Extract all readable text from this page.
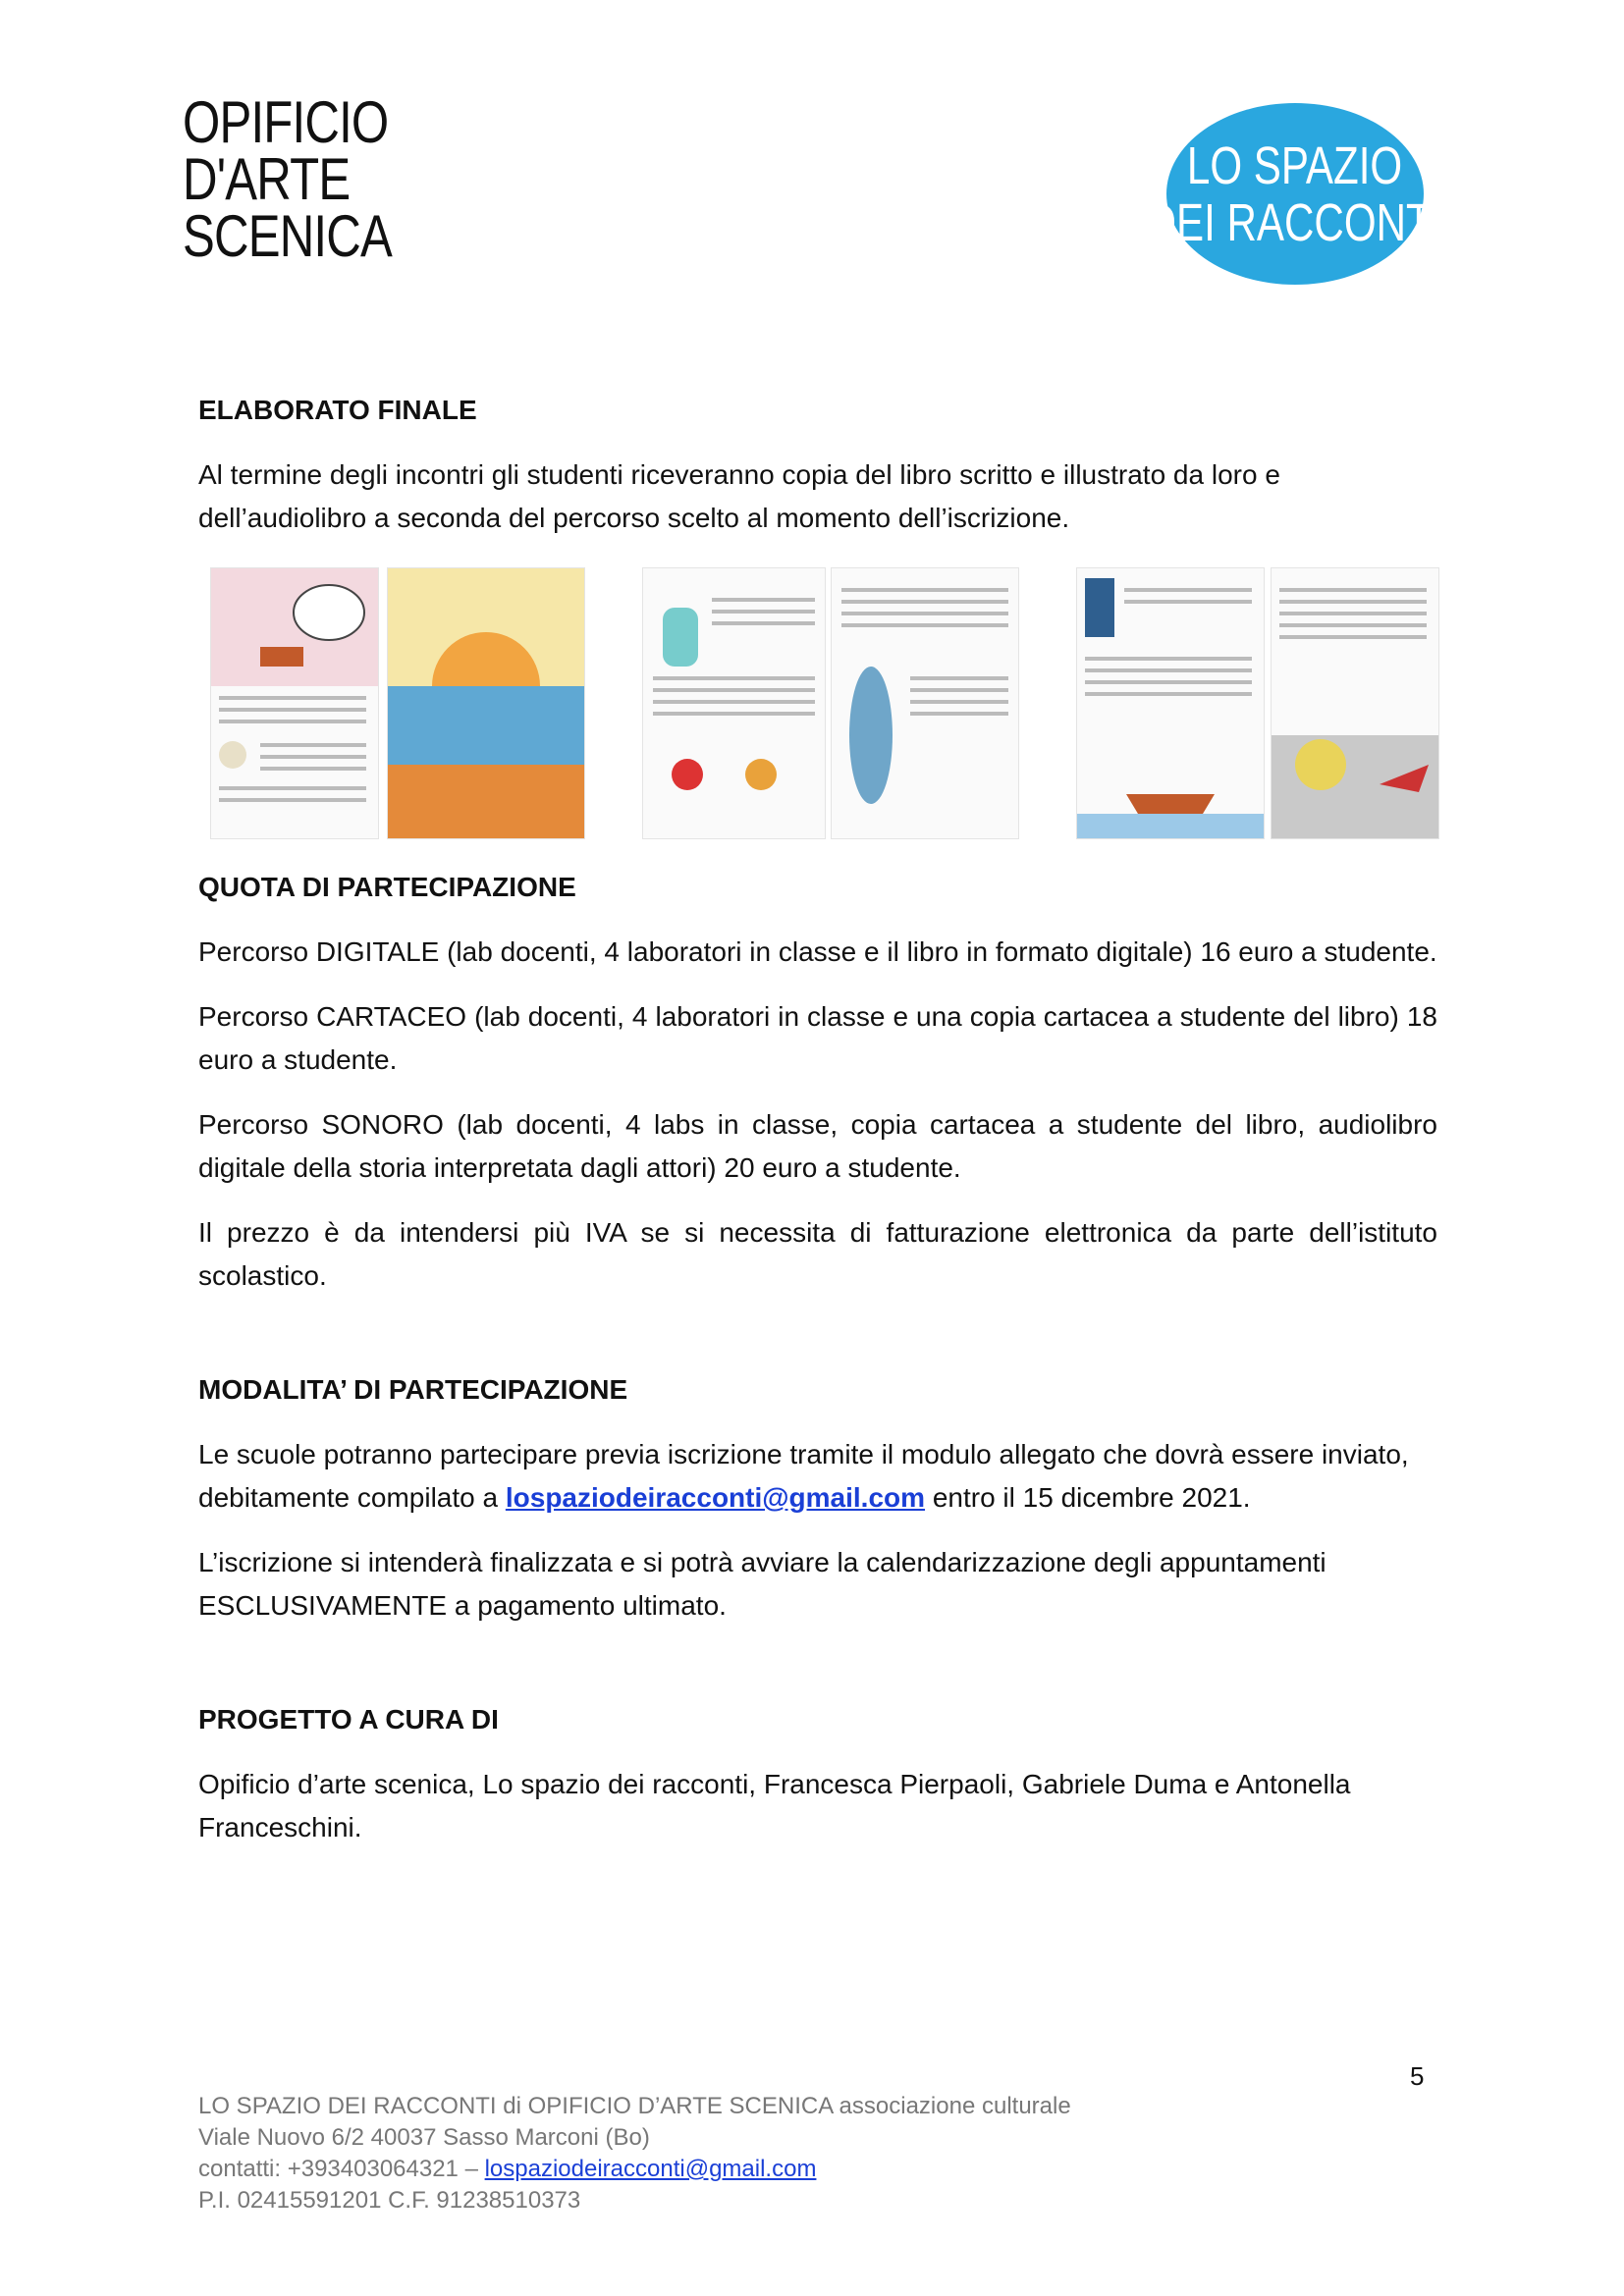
OPIFICIO
D'ARTE
SCENICA
LO SPAZIO
DEI RACCONTI
ELABORATO FINALE

Al termine degli incontri gli studenti riceveranno copia del libro scritto e illustrato da loro e dell’audiolibro a seconda del percorso scelto al momento dell’iscrizione.

QUOTA DI PARTECIPAZIONE

Percorso DIGITALE (lab docenti, 4 laboratori in classe e il libro in formato digitale) 16 euro a studente.

Percorso CARTACEO (lab docenti, 4 laboratori in classe e una copia cartacea a studente del libro) 18 euro a studente.

Percorso SONORO (lab docenti, 4 labs in classe, copia cartacea a studente del libro, audiolibro digitale della storia interpretata dagli attori) 20 euro a studente.

Il prezzo è da intendersi più IVA se si necessita di fatturazione elettronica da parte dell’istituto scolastico.

MODALITA’ DI PARTECIPAZIONE

Le scuole potranno partecipare previa iscrizione tramite il modulo allegato che dovrà essere inviato, debitamente compilato a lospaziodeiracconti@gmail.com entro il 15 dicembre 2021.

L’iscrizione si intenderà finalizzata e si potrà avviare la calendarizzazione degli appuntamenti ESCLUSIVAMENTE a pagamento ultimato.

PROGETTO A CURA DI

Opificio d’arte scenica, Lo spazio dei racconti, Francesca Pierpaoli, Gabriele Duma e Antonella Franceschini.

5
LO SPAZIO DEI RACCONTI di OPIFICIO D’ARTE SCENICA associazione culturale
Viale Nuovo 6/2 40037 Sasso Marconi (Bo)
contatti: +393403064321 – lospaziodeiracconti@gmail.com
P.I. 02415591201 C.F. 91238510373
